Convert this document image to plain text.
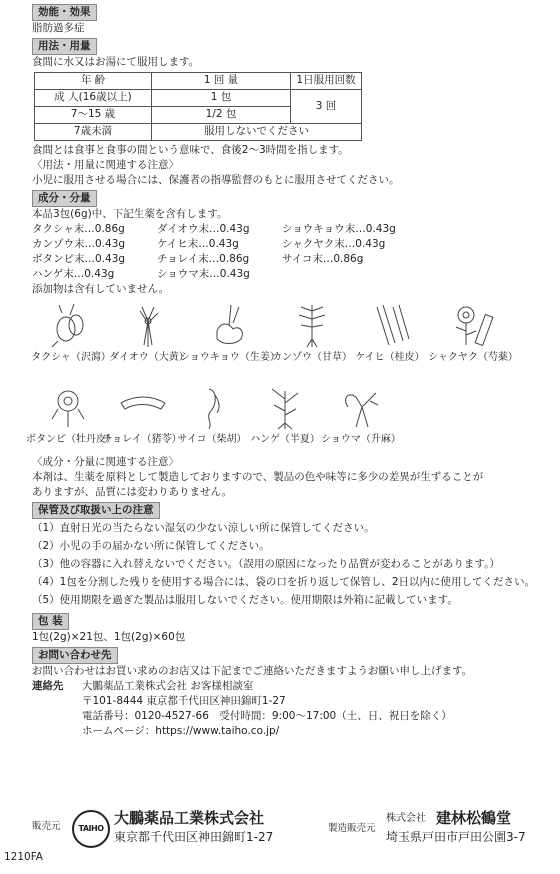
効能・効果
脂肪過多症
用法・用量
食間に水又はお湯にて服用します。
年 齢	1 回 量	1日服用回数
成 人(16歳以上)	1 包	3 回
7～15 歳	1/2 包	
7歳未満	服用しないでください	
食間とは食事と食事の間という意味で、食後2～3時間を指します。
〈用法・用量に関連する注意〉
小児に服用させる場合には、保護者の指導監督のもとに服用させてください。
成分・分量
本品3包(6g)中、下記生薬を含有します。
タクシャ末…0.86g	ダイオウ末…0.43g	ショウキョウ末…0.43g
カンゾウ末…0.43g	ケイヒ末…0.43g	シャクヤク末…0.43g
ボタンピ末…0.43g	チョレイ末…0.86g	サイコ末…0.86g
ハンゲ末…0.43g	ショウマ末…0.43g
添加物は含有していません。
タクシャ（沢瀉）
ダイオウ（大黄）
ショウキョウ（生姜）
カンゾウ（甘草） ケイヒ（桂皮） シャクヤク（芍薬）
ボタンピ（牡丹皮）
チョレイ（猪苓）
サイコ（柴胡） ハンゲ（半夏） ショウマ（升麻）
〈成分・分量に関連する注意〉
本剤は、生薬を原料として製造しておりますので、製品の色や味等に多少の差異が生ずることが
ありますが、品質には変わりありません。
保管及び取扱い上の注意
（1）直射日光の当たらない湿気の少ない涼しい所に保管してください。
（2）小児の手の届かない所に保管してください。
（3）他の容器に入れ替えないでください。（誤用の原因になったり品質が変わることがあります。）
（4）1包を分割した残りを使用する場合には、袋の口を折り返して保管し、2日以内に使用してください。
（5）使用期限を過ぎた製品は服用しないでください。使用期限は外箱に記載しています。
包 装
1包(2g)×21包、1包(2g)×60包
お問い合わせ先
お問い合わせはお買い求めのお店又は下記までご連絡いただきますようお願い申し上げます。
連絡先	大鵬薬品工業株式会社 お客様相談室
〒101-8444 東京都千代田区神田錦町1-27
電話番号：0120-4527-66　受付時間：9:00～17:00（土、日、祝日を除く）
ホームページ：https://www.taiho.co.jp/
販売元	TAIHO
大鵬薬品工業株式会社
東京都千代田区神田錦町1-27
製造販売元
株式会社 建林松鶴堂
埼玉県戸田市戸田公園3-7
1210FA
